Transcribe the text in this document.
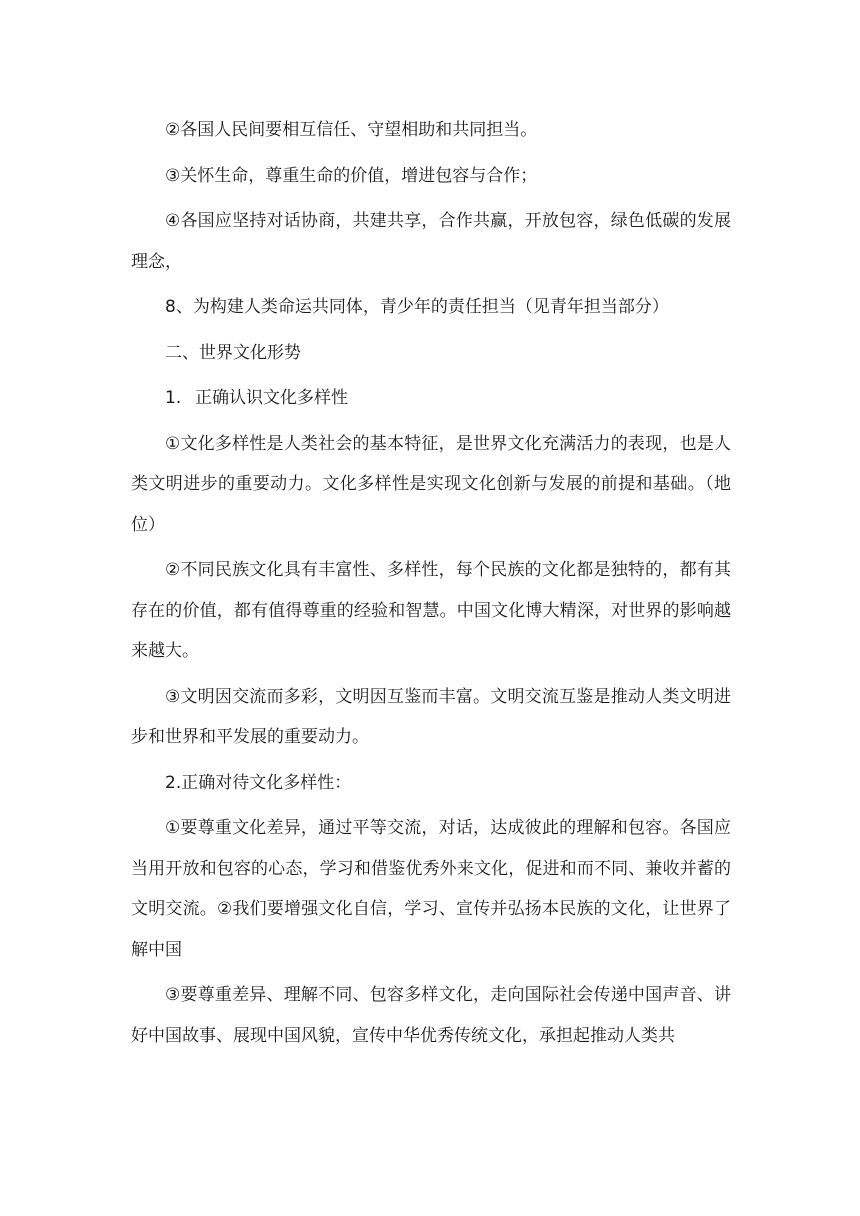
②各国人民间要相互信任、守望相助和共同担当。

③关怀生命，尊重生命的价值，增进包容与合作；

④各国应坚持对话协商，共建共享，合作共赢，开放包容，绿色低碳的发展理念，

8、为构建人类命运共同体，青少年的责任担当（见青年担当部分）

二、世界文化形势

1. 正确认识文化多样性

①文化多样性是人类社会的基本特征，是世界文化充满活力的表现，也是人类文明进步的重要动力。文化多样性是实现文化创新与发展的前提和基础。（地位）

②不同民族文化具有丰富性、多样性，每个民族的文化都是独特的，都有其存在的价值，都有值得尊重的经验和智慧。中国文化博大精深，对世界的影响越来越大。

③文明因交流而多彩，文明因互鉴而丰富。文明交流互鉴是推动人类文明进步和世界和平发展的重要动力。

2.正确对待文化多样性：

①要尊重文化差异，通过平等交流，对话，达成彼此的理解和包容。各国应当用开放和包容的心态，学习和借鉴优秀外来文化，促进和而不同、兼收并蓄的文明交流。②我们要增强文化自信，学习、宣传并弘扬本民族的文化，让世界了解中国

③要尊重差异、理解不同、包容多样文化，走向国际社会传递中国声音、讲好中国故事、展现中国风貌，宣传中华优秀传统文化，承担起推动人类共
